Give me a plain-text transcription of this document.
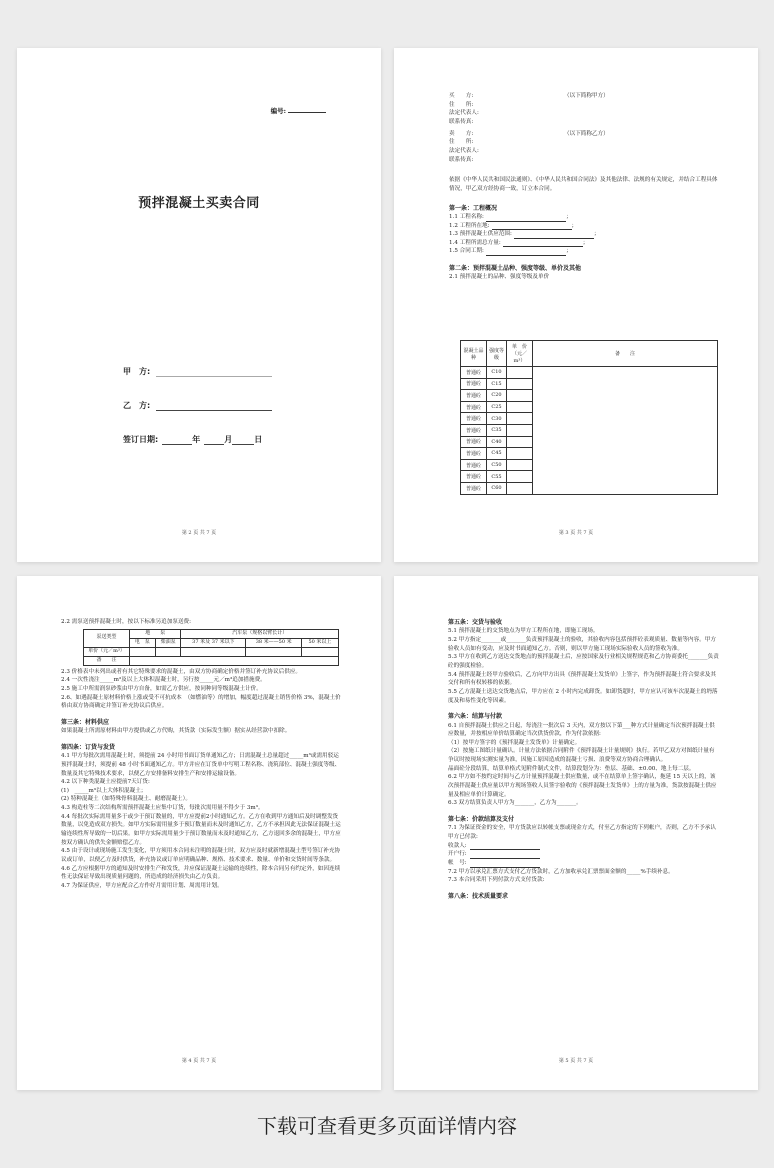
编号:
预拌混凝土买卖合同
甲　方:
乙　方:
签订日期:	年	月	日
第 2 页 共 7 页
买　　方:	（以下简称甲方）
住　　所:
法定代表人:
联系传真:
卖　　方:	（以下简称乙方）
住　　所:
法定代表人:
联系传真:
依据《中华人民共和国民法通则》、《中华人民共和国合同法》及其他法律、法规的有关规定，并结合工程具体情况，甲乙双方经协商一致，订立本合同。
第一条：工程概况
1.1 工程名称:	；
1.2 工程所在地:	；
1.3 预拌混凝土供应范围:	；
1.4 工程所需总方量:	；
1.5 合同工期:	；
第二条：预拌混凝土品种、强度等级、单价及其他
2.1 预拌混凝土的品种、强度等级及单价
混凝土品　种	强度等级	单　价（元／m³）	备　　注
普通砼	C10		
普通砼	C15		
普通砼	C20		
普通砼	C25		
普通砼	C30		
普通砼	C35		
普通砼	C40		
普通砼	C45		
普通砼	C50		
普通砼	C55		
普通砼	C60		
第 3 页 共 7 页
2.2 需泵送预拌混凝土时，按以下标准另追加泵送费:
泵送类型	地　　泵		汽车泵（规格以臂长计）		
	电　泵	柴油泵	37 米及 37 米以下	38 米——50 米	50 米以上
单价（元／m³）					
备　　注					
2.3 价格表中未列出或者有其它特殊要求的混凝土，由双方协商确定价格并签订补充协议后供应。
2.4 一次性浇注_____m³及以上大体积混凝土时，另行按_____元／m³追加措施费。
2.5 施工中所需润泵砂浆由甲方自备，如需乙方供应，按同种同等级混凝土计价。
2.6、如遇混凝土原材料价格上涨或受不可抗成本　（如燃油等）的增加，幅度超过混凝土销售价格 3%，混凝土价格由双方协商确定并签订补充协议后供应。
第三条：材料供应
如果混凝土所需原材料由甲方提供或乙方代购，其货款（实际发生额）据实从经营款中扣除。
第四条：订货与发货
4.1 甲方每批次需用混凝土时，须提前 24 小时用书面订货单通知乙方；日需混凝土总量超过_____m³或需用驳运预拌混凝土时，须提前 48 小时书面通知乙方。甲方并应在订货单中写明工程名称、浇筑部位、混凝土强度等级、数量及其它特殊技术要求，以便乙方安排备料安排生产和安排运输设备。
4.2 以下种类混凝土应提前7天订货:
(1)　_____m³以上大体积混凝土；
(2) 特种混凝土（如特殊骨料混凝土、耐磨混凝土）。
4.3 构造柱等二次结构所需预拌混凝土应集中订货，每批次需用量不得少于 3m³。
4.4 每批次实际需用量多于或少于预订数量的，甲方应提前2小时通知乙方。乙方在收到甲方通知后及时调整发货数量，以免造成双方损失。如甲方实际需用量多于预订数量而未及时通知乙方，乙方不承担因此无法保证混凝土运输连续性所导致的一切后果。如甲方实际需用量少于预订数量而未及时通知乙方，乙方退回多余的混凝土，甲方应按双方确认的供失金额赔偿乙方。
4.5 由于设计或现场施工发生变化，甲方须用本合同未注明的混凝土时，双方应及时就新增混凝土型号签订补充协议或订单，以便乙方及时供货，补充协议或订单应明确品种、规格、技术要求、数量、单价和交货时间等条款。
4.6 乙方应根据甲方的通知及时安排生产和发货，并应保证混凝土运输的连续性，除本合同另有约定外，如因连续性无法保证导致出现质量问题的，所造成的经济损失由乙方负责。
4.7 为保证供应，甲方应配合乙方作好月需用计划、周需用计划。
第 4 页 共 7 页
第五条：交货与验收
5.1 预拌混凝土的交货地点为甲方工程所在地，即施工现场。
5.2 甲方指定_______或_______负责预拌混凝土的验收，其验收内容包括预拌砼表观质量、数量等内容。甲方验收人员如有变动，应及时书面通知乙方。否则，则以甲方施工现场实际验收人员的签收为准。
5.3 甲方在收到乙方送达交货地点的预拌混凝土后，应按国家及行业相关规程规范和乙方协商委托_______负责砼的强度检验。
5.4 预拌混凝土经甲方验收后，乙方向甲方出具《预拌混凝土发货单》上签字，作为预拌混凝土符合要求及其交付和所有权转移的依据。
5.5 乙方混凝土送达交货地点后，甲方应在 2 小时内完成卸货。如卸货超时，甲方应认可该车次混凝土的坍落度及和易性变化等因素。
第六条：结算与付款
6.1 自预拌混凝土供应之日起，每浇注一批次后 3 天内，双方按以下第___种方式计量确定当次预拌混凝土供应数量，并按相应单价结算确定当次供货价款，作为付款依据:
（1）按甲方签字的《预拌混凝土发货单》计量确定。
（2）按施工图纸计量确认。计量方法依据合同附件《预拌混凝土计量规则》执行。若甲乙双方对图纸计量有争议时按现场实测实量为准，因施工原因造成的混凝土亏损、浪费等双方协商合理确认。
晶面砼分段结算，结算单格式见附件制式文件，结算段划分为：垫层、基础、±0.00、地上每二层。
6.2 甲方如不按约定时间与乙方计量预拌混凝土供应数量，或不在结算单上签字确认，拖延 15 天以上的，该次预拌混凝土供应量以甲方现场签收人员签字验收的《预拌混凝土发货单》上的方量为准，货款按混凝土供应量及相应单价计算确定。
6.3 双方结算负责人甲方为_______，乙方为_______。
第七条：价款结算及支付
7.1 为保证资金的安全，甲方货款应以转帐支票或现金方式，付至乙方指定的下列帐户，否则，乙方不予承认甲方已付款:
收款人:
开户行:
帐　号:
7.2 甲方以承兑汇票方式支付乙方货款时，乙方加收承兑汇票票面金额的_____%手续补息。
7.3 本合同采用下列付款方式支付货款:
第八条：技术质量要求
第 5 页 共 7 页
下载可查看更多页面详情内容
